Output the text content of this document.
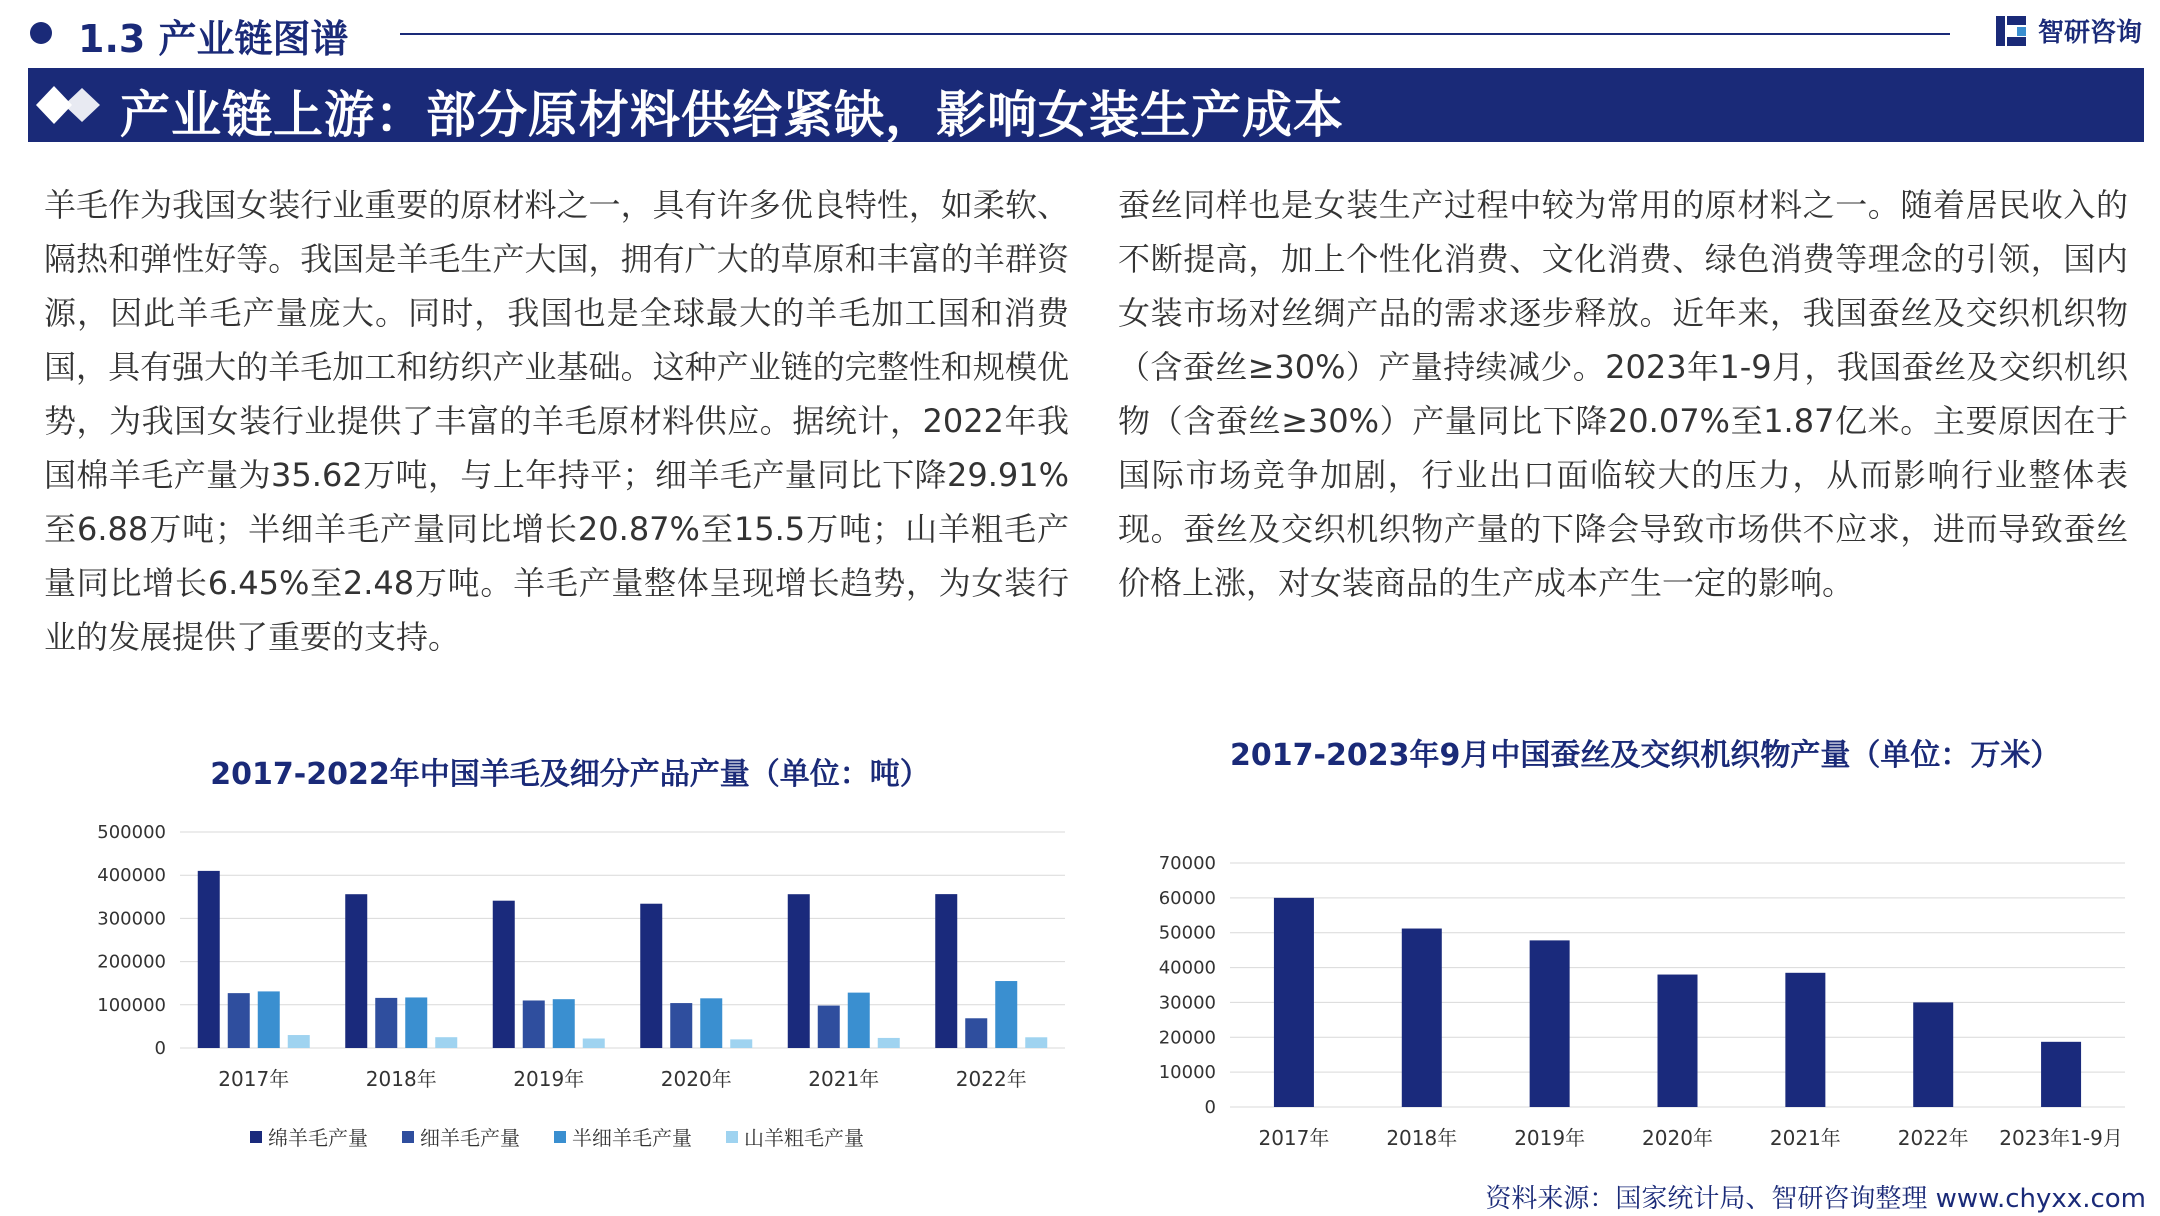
1.3 产业链图谱	智研咨询
产业链上游：部分原材料供给紧缺，影响女装生产成本
羊毛作为我国女装行业重要的原材料之一，具有许多优良特性，如柔软、隔热和弹性好等。我国是羊毛生产大国，拥有广大的草原和丰富的羊群资源，因此羊毛产量庞大。同时，我国也是全球最大的羊毛加工国和消费国，具有强大的羊毛加工和纺织产业基础。这种产业链的完整性和规模优势，为我国女装行业提供了丰富的羊毛原材料供应。据统计，2022年我国棉羊毛产量为35.62万吨，与上年持平；细羊毛产量同比下降29.91%至6.88万吨；半细羊毛产量同比增长20.87%至15.5万吨；山羊粗毛产量同比增长6.45%至2.48万吨。羊毛产量整体呈现增长趋势，为女装行业的发展提供了重要的支持。
蚕丝同样也是女装生产过程中较为常用的原材料之一。随着居民收入的不断提高，加上个性化消费、文化消费、绿色消费等理念的引领，国内女装市场对丝绸产品的需求逐步释放。近年来，我国蚕丝及交织机织物（含蚕丝≥30%）产量持续减少。2023年1-9月，我国蚕丝及交织机织物（含蚕丝≥30%）产量同比下降20.07%至1.87亿米。主要原因在于国际市场竞争加剧，行业出口面临较大的压力，从而影响行业整体表现。蚕丝及交织机织物产量的下降会导致市场供不应求，进而导致蚕丝价格上涨，对女装商品的生产成本产生一定的影响。
2017-2022年中国羊毛及细分产品产量（单位：吨）
0
100000
200000
300000
400000
500000
2017年	2018年	2019年	2020年	2021年	2022年
绵羊毛产量	细羊毛产量	半细羊毛产量	山羊粗毛产量
2017-2023年9月中国蚕丝及交织机织物产量（单位：万米）
0
10000
20000
30000
40000
50000
60000
70000
2017年	2018年	2019年	2020年	2021年	2022年 2023年1-9月
资料来源：国家统计局、智研咨询整理 www.chyxx.com
